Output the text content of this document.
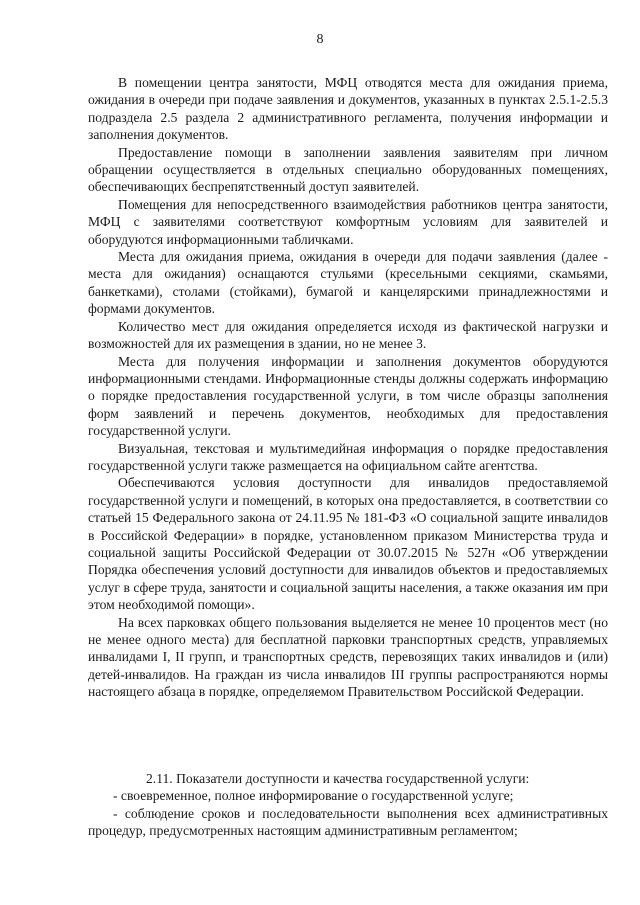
8

В помещении центра занятости, МФЦ отводятся места для ожидания приема, ожидания в очереди при подаче заявления и документов, указанных в пунктах 2.5.1-2.5.3 подраздела 2.5 раздела 2 административного регламента, получения информации и заполнения документов.

Предоставление помощи в заполнении заявления заявителям при личном обращении осуществляется в отдельных специально оборудованных помещениях, обеспечивающих беспрепятственный доступ заявителей.

Помещения для непосредственного взаимодействия работников центра занятости, МФЦ с заявителями соответствуют комфортным условиям для заявителей и оборудуются информационными табличками.

Места для ожидания приема, ожидания в очереди для подачи заявления (далее - места для ожидания) оснащаются стульями (кресельными секциями, скамьями, банкетками), столами (стойками), бумагой и канцелярскими принадлежностями и формами документов.

Количество мест для ожидания определяется исходя из фактической нагрузки и возможностей для их размещения в здании, но не менее 3.

Места для получения информации и заполнения документов оборудуются информационными стендами. Информационные стенды должны содержать информацию о порядке предоставления государственной услуги, в том числе образцы заполнения форм заявлений и перечень документов, необходимых для предоставления государственной услуги.

Визуальная, текстовая и мультимедийная информация о порядке предоставления государственной услуги также размещается на официальном сайте агентства.

Обеспечиваются условия доступности для инвалидов предоставляемой государственной услуги и помещений, в которых она предоставляется, в соответствии со статьей 15 Федерального закона от 24.11.95 № 181-ФЗ «О социальной защите инвалидов в Российской Федерации» в порядке, установленном приказом Министерства труда и социальной защиты Российской Федерации от 30.07.2015 № 527н «Об утверждении Порядка обеспечения условий доступности для инвалидов объектов и предоставляемых услуг в сфере труда, занятости и социальной защиты населения, а также оказания им при этом необходимой помощи».

На всех парковках общего пользования выделяется не менее 10 процентов мест (но не менее одного места) для бесплатной парковки транспортных средств, управляемых инвалидами I, II групп, и транспортных средств, перевозящих таких инвалидов и (или) детей-инвалидов. На граждан из числа инвалидов III группы распространяются нормы настоящего абзаца в порядке, определяемом Правительством Российской Федерации.

2.11. Показатели доступности и качества государственной услуги:

- своевременное, полное информирование о государственной услуге;

- соблюдение сроков и последовательности выполнения всех административных процедур, предусмотренных настоящим административным регламентом;
